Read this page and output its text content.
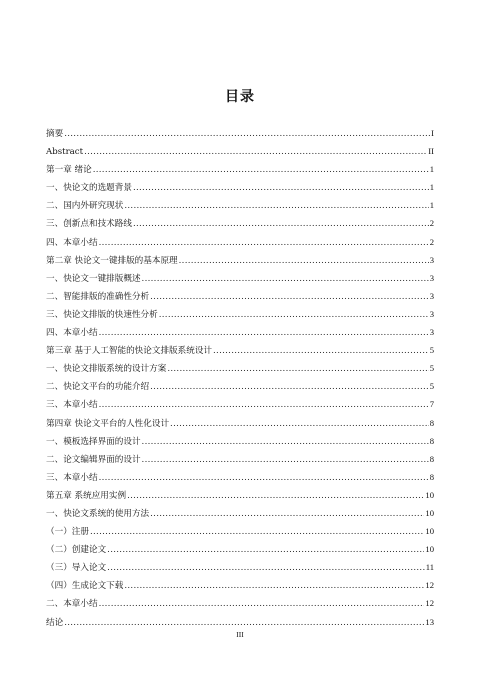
目录
摘要 .....	I
Abstract .....	II
第一章 绪论 .....	1
一、快论文的选题背景 .....	1
二、国内外研究现状 .....	1
三、创新点和技术路线 .....	2
四、本章小结 .....	2
第二章 快论文一键排版的基本原理 .....	3
一、快论文一键排版概述 .....	3
二、智能排版的准确性分析 .....	3
三、快论文排版的快速性分析 .....	3
四、本章小结 .....	3
第三章 基于人工智能的快论文排版系统设计 .....	5
一、快论文排版系统的设计方案 .....	5
二、快论文平台的功能介绍 .....	5
三、本章小结 .....	7
第四章 快论文平台的人性化设计 .....	8
一、模板选择界面的设计 .....	8
二、论文编辑界面的设计 .....	8
三、本章小结 .....	8
第五章 系统应用实例 .....	10
一、快论文系统的使用方法 .....	10
（一）注册 .....	10
（二）创建论文 .....	10
（三）导入论文 .....	11
（四）生成论文下载 .....	12
二、本章小结 .....	12
结论 .....	13
III
